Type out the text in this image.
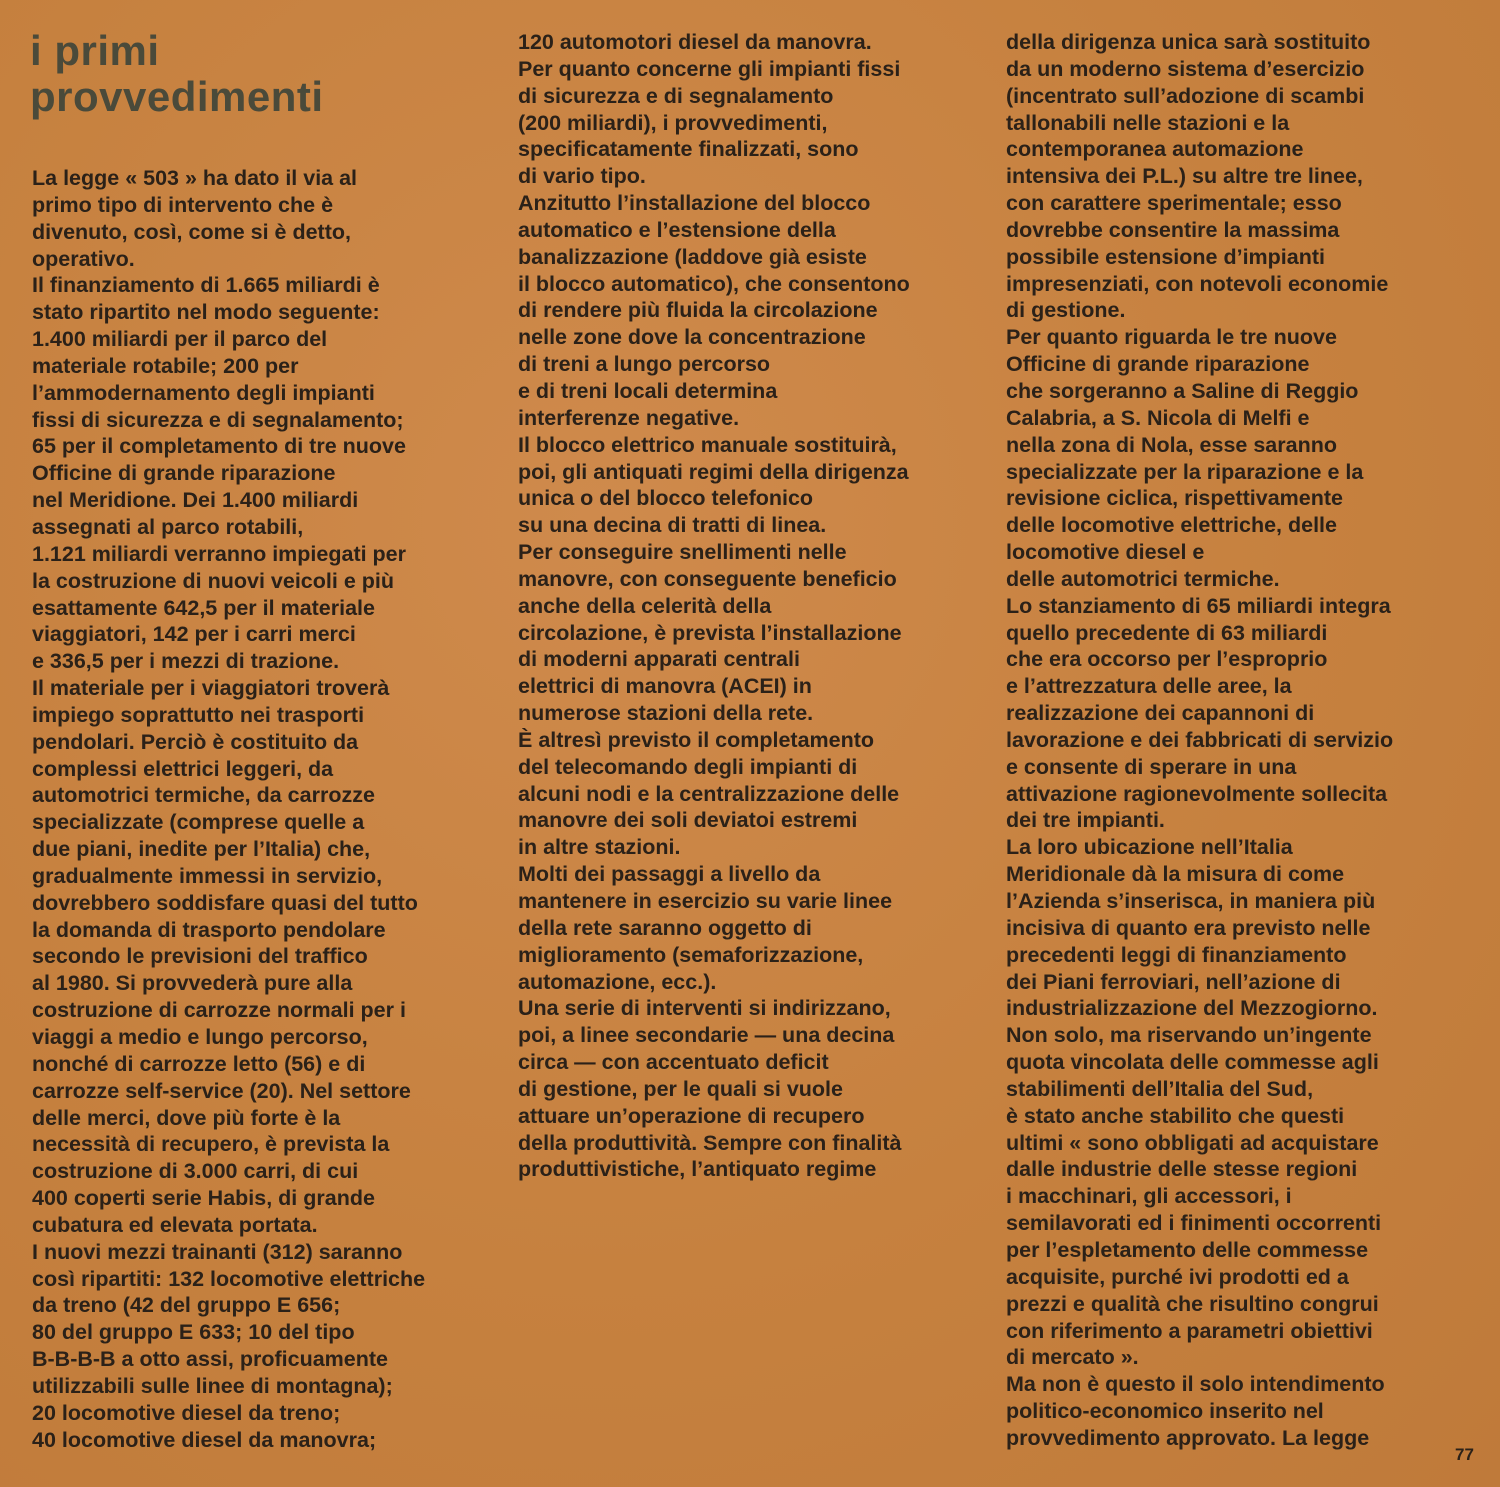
i primi
provvedimenti
La legge « 503 » ha dato il via al
primo tipo di intervento che è
divenuto, così, come si è detto,
operativo.
Il finanziamento di 1.665 miliardi è
stato ripartito nel modo seguente:
1.400 miliardi per il parco del
materiale rotabile; 200 per
l’ammodernamento degli impianti
fissi di sicurezza e di segnalamento;
65 per il completamento di tre nuove
Officine di grande riparazione
nel Meridione. Dei 1.400 miliardi
assegnati al parco rotabili,
1.121 miliardi verranno impiegati per
la costruzione di nuovi veicoli e più
esattamente 642,5 per il materiale
viaggiatori, 142 per i carri merci
e 336,5 per i mezzi di trazione.
Il materiale per i viaggiatori troverà
impiego soprattutto nei trasporti
pendolari. Perciò è costituito da
complessi elettrici leggeri, da
automotrici termiche, da carrozze
specializzate (comprese quelle a
due piani, inedite per l’Italia) che,
gradualmente immessi in servizio,
dovrebbero soddisfare quasi del tutto
la domanda di trasporto pendolare
secondo le previsioni del traffico
al 1980. Si provvederà pure alla
costruzione di carrozze normali per i
viaggi a medio e lungo percorso,
nonché di carrozze letto (56) e di
carrozze self-service (20). Nel settore
delle merci, dove più forte è la
necessità di recupero, è prevista la
costruzione di 3.000 carri, di cui
400 coperti serie Habis, di grande
cubatura ed elevata portata.
I nuovi mezzi trainanti (312) saranno
così ripartiti: 132 locomotive elettriche
da treno (42 del gruppo E 656;
80 del gruppo E 633; 10 del tipo
B-B-B-B a otto assi, proficuamente
utilizzabili sulle linee di montagna);
20 locomotive diesel da treno;
40 locomotive diesel da manovra;
120 automotori diesel da manovra.
Per quanto concerne gli impianti fissi
di sicurezza e di segnalamento
(200 miliardi), i provvedimenti,
specificatamente finalizzati, sono
di vario tipo.
Anzitutto l’installazione del blocco
automatico e l’estensione della
banalizzazione (laddove già esiste
il blocco automatico), che consentono
di rendere più fluida la circolazione
nelle zone dove la concentrazione
di treni a lungo percorso
e di treni locali determina
interferenze negative.
Il blocco elettrico manuale sostituirà,
poi, gli antiquati regimi della dirigenza
unica o del blocco telefonico
su una decina di tratti di linea.
Per conseguire snellimenti nelle
manovre, con conseguente beneficio
anche della celerità della
circolazione, è prevista l’installazione
di moderni apparati centrali
elettrici di manovra (ACEI) in
numerose stazioni della rete.
È altresì previsto il completamento
del telecomando degli impianti di
alcuni nodi e la centralizzazione delle
manovre dei soli deviatoi estremi
in altre stazioni.
Molti dei passaggi a livello da
mantenere in esercizio su varie linee
della rete saranno oggetto di
miglioramento (semaforizzazione,
automazione, ecc.).
Una serie di interventi si indirizzano,
poi, a linee secondarie — una decina
circa — con accentuato deficit
di gestione, per le quali si vuole
attuare un’operazione di recupero
della produttività. Sempre con finalità
produttivistiche, l’antiquato regime
della dirigenza unica sarà sostituito
da un moderno sistema d’esercizio
(incentrato sull’adozione di scambi
tallonabili nelle stazioni e la
contemporanea automazione
intensiva dei P.L.) su altre tre linee,
con carattere sperimentale; esso
dovrebbe consentire la massima
possibile estensione d’impianti
impresenziati, con notevoli economie
di gestione.
Per quanto riguarda le tre nuove
Officine di grande riparazione
che sorgeranno a Saline di Reggio
Calabria, a S. Nicola di Melfi e
nella zona di Nola, esse saranno
specializzate per la riparazione e la
revisione ciclica, rispettivamente
delle locomotive elettriche, delle
locomotive diesel e
delle automotrici termiche.
Lo stanziamento di 65 miliardi integra
quello precedente di 63 miliardi
che era occorso per l’esproprio
e l’attrezzatura delle aree, la
realizzazione dei capannoni di
lavorazione e dei fabbricati di servizio
e consente di sperare in una
attivazione ragionevolmente sollecita
dei tre impianti.
La loro ubicazione nell’Italia
Meridionale dà la misura di come
l’Azienda s’inserisca, in maniera più
incisiva di quanto era previsto nelle
precedenti leggi di finanziamento
dei Piani ferroviari, nell’azione di
industrializzazione del Mezzogiorno.
Non solo, ma riservando un’ingente
quota vincolata delle commesse agli
stabilimenti dell’Italia del Sud,
è stato anche stabilito che questi
ultimi « sono obbligati ad acquistare
dalle industrie delle stesse regioni
i macchinari, gli accessori, i
semilavorati ed i finimenti occorrenti
per l’espletamento delle commesse
acquisite, purché ivi prodotti ed a
prezzi e qualità che risultino congrui
con riferimento a parametri obiettivi
di mercato ».
Ma non è questo il solo intendimento
politico-economico inserito nel
provvedimento approvato. La legge
77
